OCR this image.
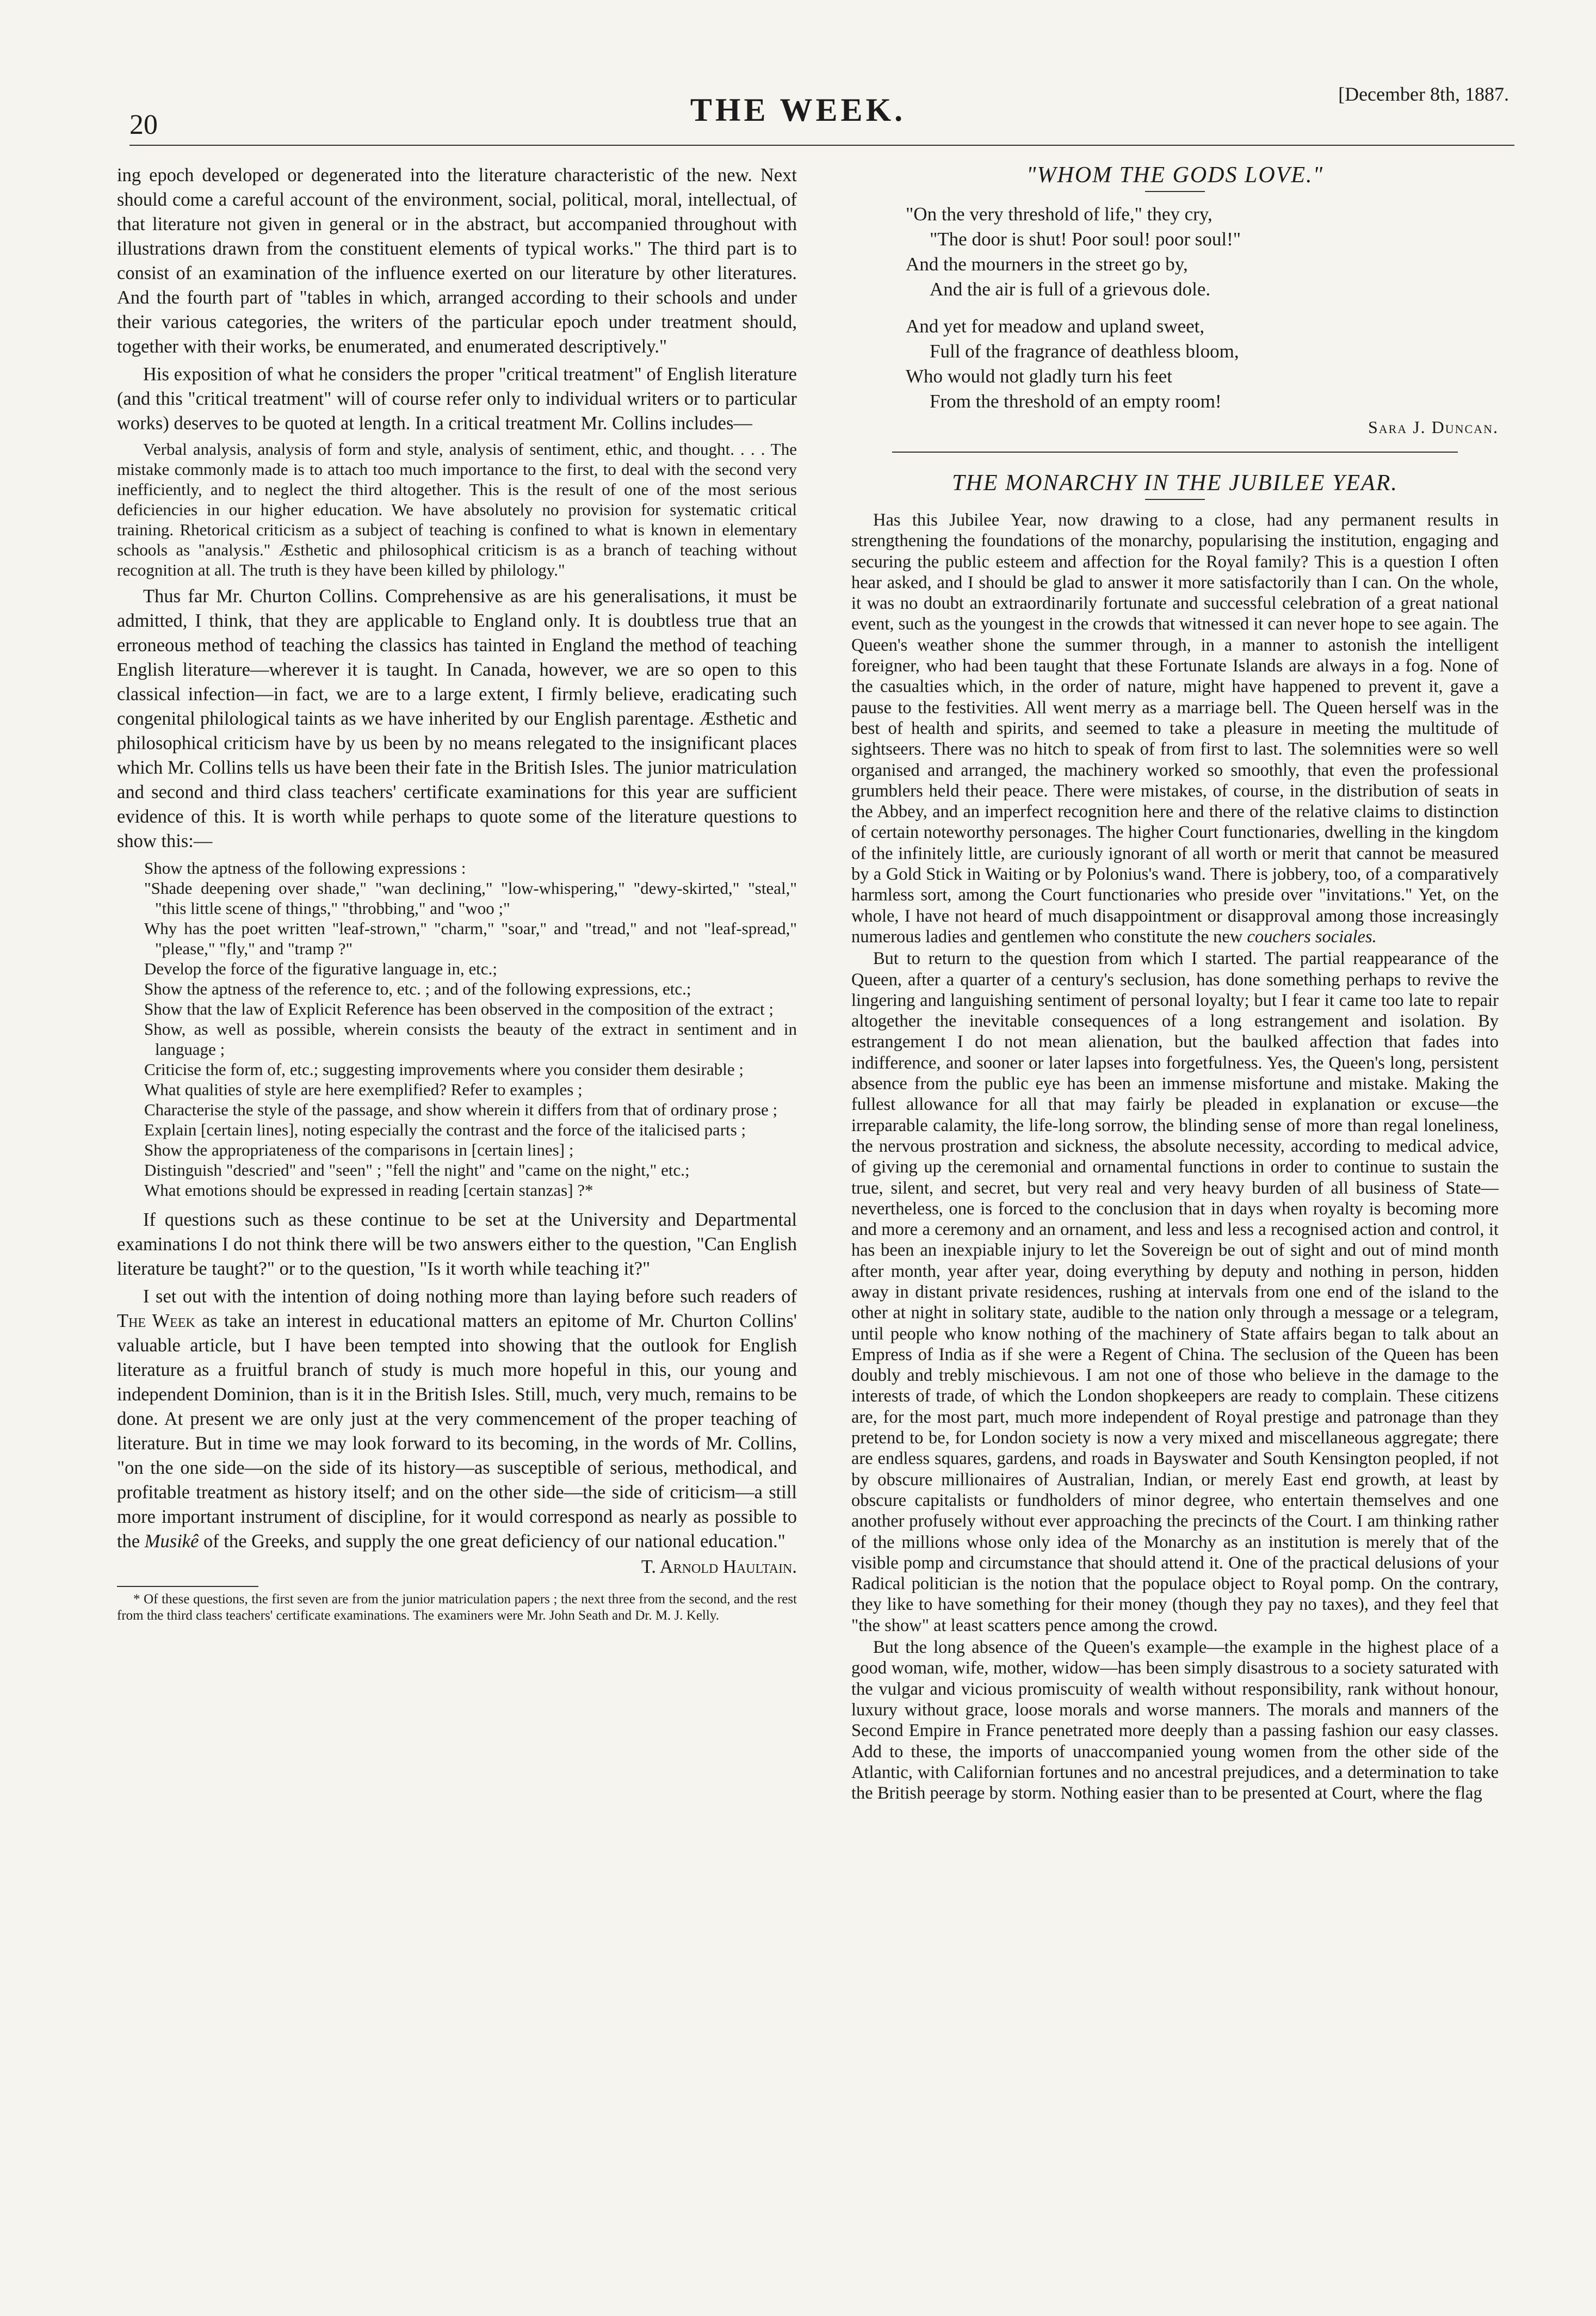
20	THE WEEK.	[December 8th, 1887.

ing epoch developed or degenerated into the literature characteristic of the new. Next should come a careful account of the environment, social, political, moral, intellectual, of that literature not given in general or in the abstract, but accompanied throughout with illustrations drawn from the constituent elements of typical works." The third part is to consist of an examination of the influence exerted on our literature by other literatures. And the fourth part of "tables in which, arranged according to their schools and under their various categories, the writers of the particular epoch under treatment should, together with their works, be enumerated, and enumerated descriptively."

His exposition of what he considers the proper "critical treatment" of English literature (and this "critical treatment" will of course refer only to individual writers or to particular works) deserves to be quoted at length. In a critical treatment Mr. Collins includes—

Verbal analysis, analysis of form and style, analysis of sentiment, ethic, and thought. . . . The mistake commonly made is to attach too much importance to the first, to deal with the second very inefficiently, and to neglect the third altogether. This is the result of one of the most serious deficiencies in our higher education. We have absolutely no provision for systematic critical training. Rhetorical criticism as a subject of teaching is confined to what is known in elementary schools as "analysis." Æsthetic and philosophical criticism is as a branch of teaching without recognition at all. The truth is they have been killed by philology."

Thus far Mr. Churton Collins. Comprehensive as are his generalisations, it must be admitted, I think, that they are applicable to England only. It is doubtless true that an erroneous method of teaching the classics has tainted in England the method of teaching English literature—wherever it is taught. In Canada, however, we are so open to this classical infection—in fact, we are to a large extent, I firmly believe, eradicating such congenital philological taints as we have inherited by our English parentage. Æsthetic and philosophical criticism have by us been by no means relegated to the insignificant places which Mr. Collins tells us have been their fate in the British Isles. The junior matriculation and second and third class teachers' certificate examinations for this year are sufficient evidence of this. It is worth while perhaps to quote some of the literature questions to show this:—

Show the aptness of the following expressions :
"Shade deepening over shade," "wan declining," "low-whispering," "dewy-skirted," "steal," "this little scene of things," "throbbing," and "woo ;"
Why has the poet written "leaf-strown," "charm," "soar," and "tread," and not "leaf-spread," "please," "fly," and "tramp ?"
Develop the force of the figurative language in, etc.;
Show the aptness of the reference to, etc. ; and of the following expressions, etc.;
Show that the law of Explicit Reference has been observed in the composition of the extract ;
Show, as well as possible, wherein consists the beauty of the extract in sentiment and in language ;
Criticise the form of, etc.; suggesting improvements where you consider them desirable ;
What qualities of style are here exemplified? Refer to examples ;
Characterise the style of the passage, and show wherein it differs from that of ordinary prose ;
Explain [certain lines], noting especially the contrast and the force of the italicised parts ;
Show the appropriateness of the comparisons in [certain lines] ;
Distinguish "descried" and "seen" ; "fell the night" and "came on the night," etc.;
What emotions should be expressed in reading [certain stanzas] ?*

If questions such as these continue to be set at the University and Departmental examinations I do not think there will be two answers either to the question, "Can English literature be taught?" or to the question, "Is it worth while teaching it?"

I set out with the intention of doing nothing more than laying before such readers of The Week as take an interest in educational matters an epitome of Mr. Churton Collins' valuable article, but I have been tempted into showing that the outlook for English literature as a fruitful branch of study is much more hopeful in this, our young and independent Dominion, than is it in the British Isles. Still, much, very much, remains to be done. At present we are only just at the very commencement of the proper teaching of literature. But in time we may look forward to its becoming, in the words of Mr. Collins, "on the one side—on the side of its history—as susceptible of serious, methodical, and profitable treatment as history itself; and on the other side—the side of criticism—a still more important instrument of discipline, for it would correspond as nearly as possible to the Musikê of the Greeks, and supply the one great deficiency of our national education."
T. Arnold Haultain.

* Of these questions, the first seven are from the junior matriculation papers ; the next three from the second, and the rest from the third class teachers' certificate examinations. The examiners were Mr. John Seath and Dr. M. J. Kelly.

"WHOM THE GODS LOVE."
"On the very threshold of life," they cry,
"The door is shut! Poor soul! poor soul!"
And the mourners in the street go by,
And the air is full of a grievous dole.
And yet for meadow and upland sweet,
Full of the fragrance of deathless bloom,
Who would not gladly turn his feet
From the threshold of an empty room!
Sara J. Duncan.
THE MONARCHY IN THE JUBILEE YEAR.

Has this Jubilee Year, now drawing to a close, had any permanent results in strengthening the foundations of the monarchy, popularising the institution, engaging and securing the public esteem and affection for the Royal family? This is a question I often hear asked, and I should be glad to answer it more satisfactorily than I can. On the whole, it was no doubt an extraordinarily fortunate and successful celebration of a great national event, such as the youngest in the crowds that witnessed it can never hope to see again. The Queen's weather shone the summer through, in a manner to astonish the intelligent foreigner, who had been taught that these Fortunate Islands are always in a fog. None of the casualties which, in the order of nature, might have happened to prevent it, gave a pause to the festivities. All went merry as a marriage bell. The Queen herself was in the best of health and spirits, and seemed to take a pleasure in meeting the multitude of sightseers. There was no hitch to speak of from first to last. The solemnities were so well organised and arranged, the machinery worked so smoothly, that even the professional grumblers held their peace. There were mistakes, of course, in the distribution of seats in the Abbey, and an imperfect recognition here and there of the relative claims to distinction of certain noteworthy personages. The higher Court functionaries, dwelling in the kingdom of the infinitely little, are curiously ignorant of all worth or merit that cannot be measured by a Gold Stick in Waiting or by Polonius's wand. There is jobbery, too, of a comparatively harmless sort, among the Court functionaries who preside over "invitations." Yet, on the whole, I have not heard of much disappointment or disapproval among those increasingly numerous ladies and gentlemen who constitute the new couchers sociales.

But to return to the question from which I started. The partial reappearance of the Queen, after a quarter of a century's seclusion, has done something perhaps to revive the lingering and languishing sentiment of personal loyalty; but I fear it came too late to repair altogether the inevitable consequences of a long estrangement and isolation. By estrangement I do not mean alienation, but the baulked affection that fades into indifference, and sooner or later lapses into forgetfulness. Yes, the Queen's long, persistent absence from the public eye has been an immense misfortune and mistake. Making the fullest allowance for all that may fairly be pleaded in explanation or excuse—the irreparable calamity, the life-long sorrow, the blinding sense of more than regal loneliness, the nervous prostration and sickness, the absolute necessity, according to medical advice, of giving up the ceremonial and ornamental functions in order to continue to sustain the true, silent, and secret, but very real and very heavy burden of all business of State—nevertheless, one is forced to the conclusion that in days when royalty is becoming more and more a ceremony and an ornament, and less and less a recognised action and control, it has been an inexpiable injury to let the Sovereign be out of sight and out of mind month after month, year after year, doing everything by deputy and nothing in person, hidden away in distant private residences, rushing at intervals from one end of the island to the other at night in solitary state, audible to the nation only through a message or a telegram, until people who know nothing of the machinery of State affairs began to talk about an Empress of India as if she were a Regent of China. The seclusion of the Queen has been doubly and trebly mischievous. I am not one of those who believe in the damage to the interests of trade, of which the London shopkeepers are ready to complain. These citizens are, for the most part, much more independent of Royal prestige and patronage than they pretend to be, for London society is now a very mixed and miscellaneous aggregate; there are endless squares, gardens, and roads in Bayswater and South Kensington peopled, if not by obscure millionaires of Australian, Indian, or merely East end growth, at least by obscure capitalists or fundholders of minor degree, who entertain themselves and one another profusely without ever approaching the precincts of the Court. I am thinking rather of the millions whose only idea of the Monarchy as an institution is merely that of the visible pomp and circumstance that should attend it. One of the practical delusions of your Radical politician is the notion that the populace object to Royal pomp. On the contrary, they like to have something for their money (though they pay no taxes), and they feel that "the show" at least scatters pence among the crowd.

But the long absence of the Queen's example—the example in the highest place of a good woman, wife, mother, widow—has been simply disastrous to a society saturated with the vulgar and vicious promiscuity of wealth without responsibility, rank without honour, luxury without grace, loose morals and worse manners. The morals and manners of the Second Empire in France penetrated more deeply than a passing fashion our easy classes. Add to these, the imports of unaccompanied young women from the other side of the Atlantic, with Californian fortunes and no ancestral prejudices, and a determination to take the British peerage by storm. Nothing easier than to be presented at Court, where the flag
